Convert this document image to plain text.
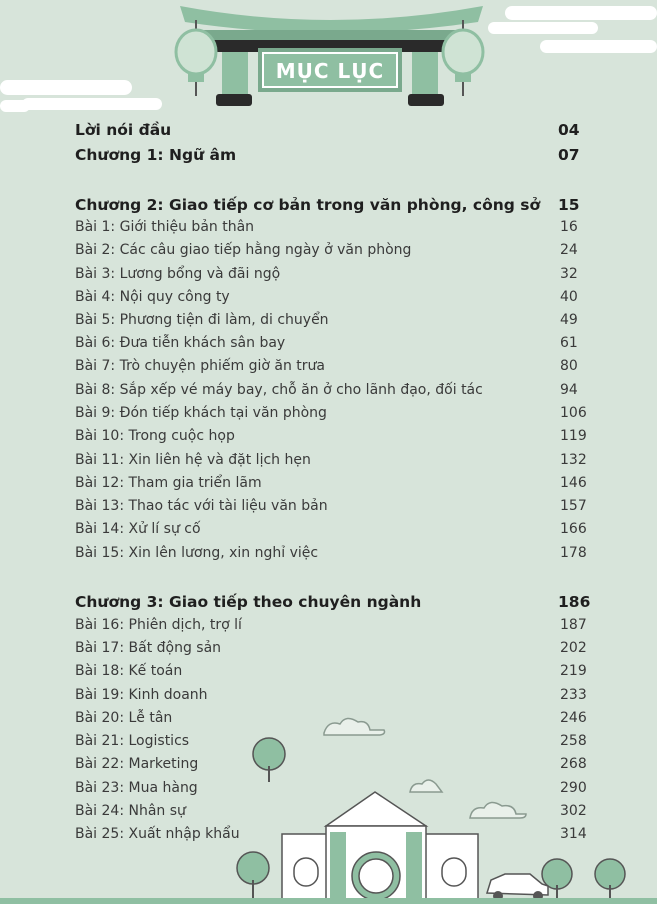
MỤC LỤC
Lời nói đầu	04
Chương 1: Ngữ âm	07
Chương 2: Giao tiếp cơ bản trong văn phòng, công sở 15
Bài 1: Giới thiệu bản thân	16
Bài 2: Các câu giao tiếp hằng ngày ở văn phòng	24
Bài 3: Lương bổng và đãi ngộ	32
Bài 4: Nội quy công ty	40
Bài 5: Phương tiện đi làm, di chuyển	49
Bài 6: Đưa tiễn khách sân bay	61
Bài 7: Trò chuyện phiếm giờ ăn trưa	80
Bài 8: Sắp xếp vé máy bay, chỗ ăn ở cho lãnh đạo, đối tác	94
Bài 9: Đón tiếp khách tại văn phòng	106
Bài 10: Trong cuộc họp	119
Bài 11: Xin liên hệ và đặt lịch hẹn	132
Bài 12: Tham gia triển lãm	146
Bài 13: Thao tác với tài liệu văn bản	157
Bài 14: Xử lí sự cố	166
Bài 15: Xin lên lương, xin nghỉ việc	178
Chương 3: Giao tiếp theo chuyên ngành	186
Bài 16: Phiên dịch, trợ lí	187
Bài 17: Bất động sản	202
Bài 18: Kế toán	219
Bài 19: Kinh doanh	233
Bài 20: Lễ tân	246
Bài 21: Logistics	258
Bài 22: Marketing	268
Bài 23: Mua hàng	290
Bài 24: Nhân sự	302
Bài 25: Xuất nhập khẩu	314
